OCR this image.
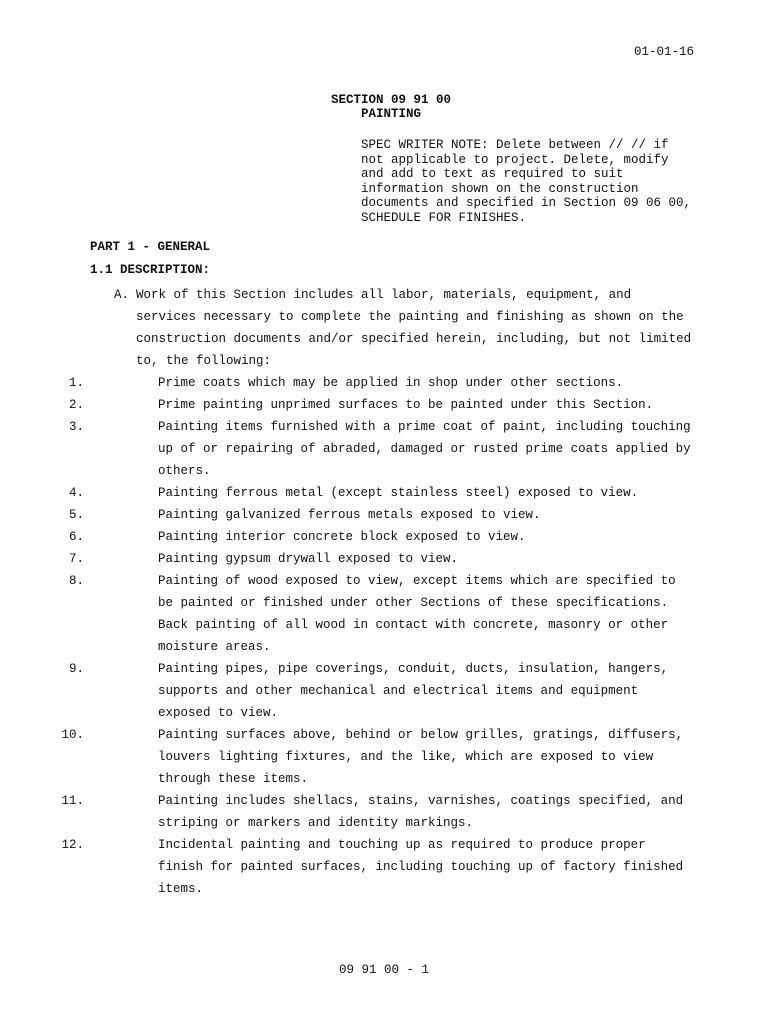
01-01-16
SECTION 09 91 00
PAINTING
SPEC WRITER NOTE: Delete between // // if
not applicable to project. Delete, modify
and add to text as required to suit
information shown on the construction
documents and specified in Section 09 06 00,
SCHEDULE FOR FINISHES.
PART 1 - GENERAL
1.1 DESCRIPTION:
A. Work of this Section includes all labor, materials, equipment, and services necessary to complete the painting and finishing as shown on the construction documents and/or specified herein, including, but not limited to, the following:
1.	Prime coats which may be applied in shop under other sections.
2.	Prime painting unprimed surfaces to be painted under this Section.
3.	Painting items furnished with a prime coat of paint, including touching up of or repairing of abraded, damaged or rusted prime coats applied by others.
4.	Painting ferrous metal (except stainless steel) exposed to view.
5.	Painting galvanized ferrous metals exposed to view.
6.	Painting interior concrete block exposed to view.
7.	Painting gypsum drywall exposed to view.
8.	Painting of wood exposed to view, except items which are specified to be painted or finished under other Sections of these specifications. Back painting of all wood in contact with concrete, masonry or other moisture areas.
9.	Painting pipes, pipe coverings, conduit, ducts, insulation, hangers, supports and other mechanical and electrical items and equipment exposed to view.
10.	Painting surfaces above, behind or below grilles, gratings, diffusers, louvers lighting fixtures, and the like, which are exposed to view through these items.
11.	Painting includes shellacs, stains, varnishes, coatings specified, and striping or markers and identity markings.
12.	Incidental painting and touching up as required to produce proper finish for painted surfaces, including touching up of factory finished items.
09 91 00 - 1
